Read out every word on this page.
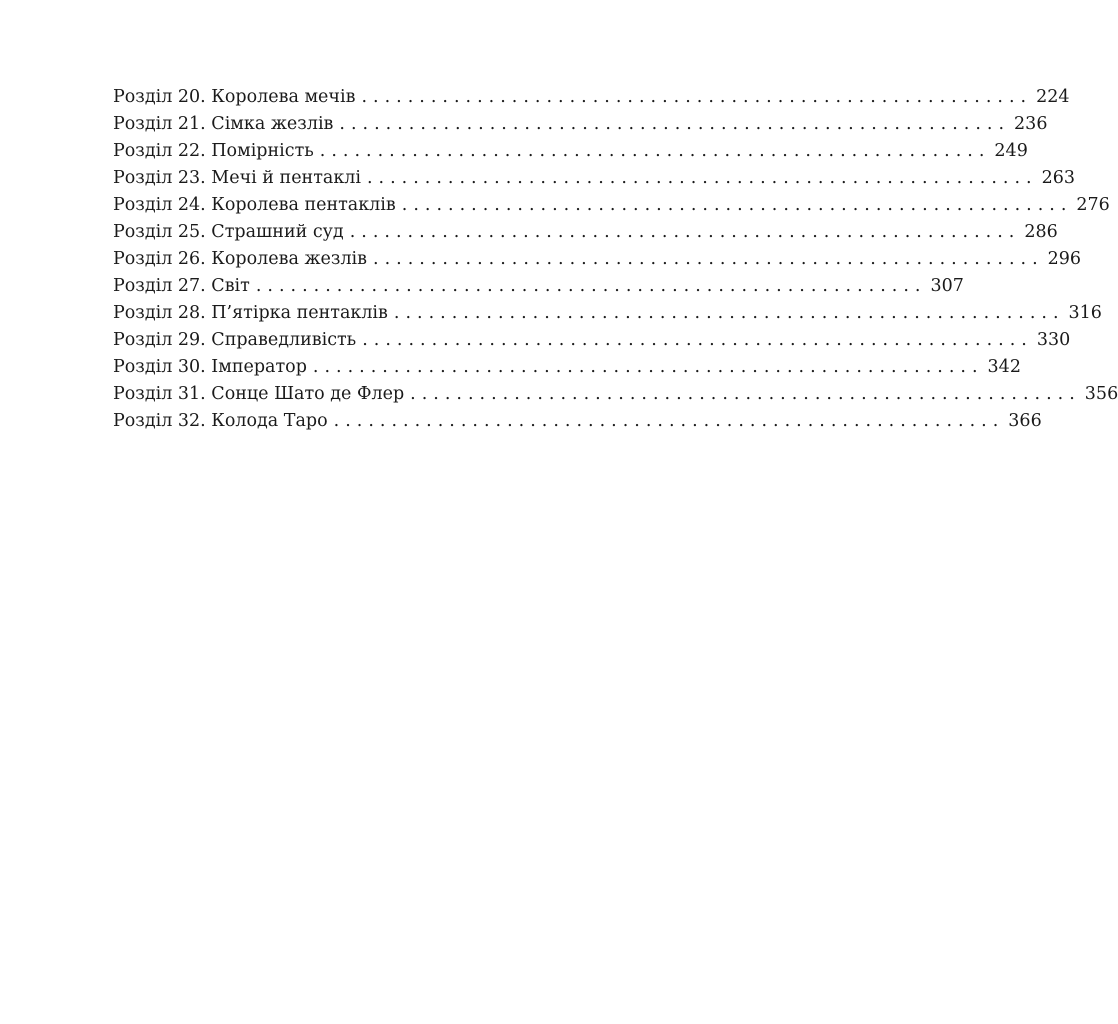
Розділ 20. Королева мечів .......................................................... 224
Розділ 21. Сімка жезлів .......................................................... 236
Розділ 22. Помірність .......................................................... 249
Розділ 23. Мечі й пентаклі .......................................................... 263
Розділ 24. Королева пентаклів .......................................................... 276
Розділ 25. Страшний суд .......................................................... 286
Розділ 26. Королева жезлів .......................................................... 296
Розділ 27. Світ .......................................................... 307
Розділ 28. П’ятірка пентаклів .......................................................... 316
Розділ 29. Справедливість .......................................................... 330
Розділ 30. Імператор .......................................................... 342
Розділ 31. Сонце Шато де Флер .......................................................... 356
Розділ 32. Колода Таро .......................................................... 366
